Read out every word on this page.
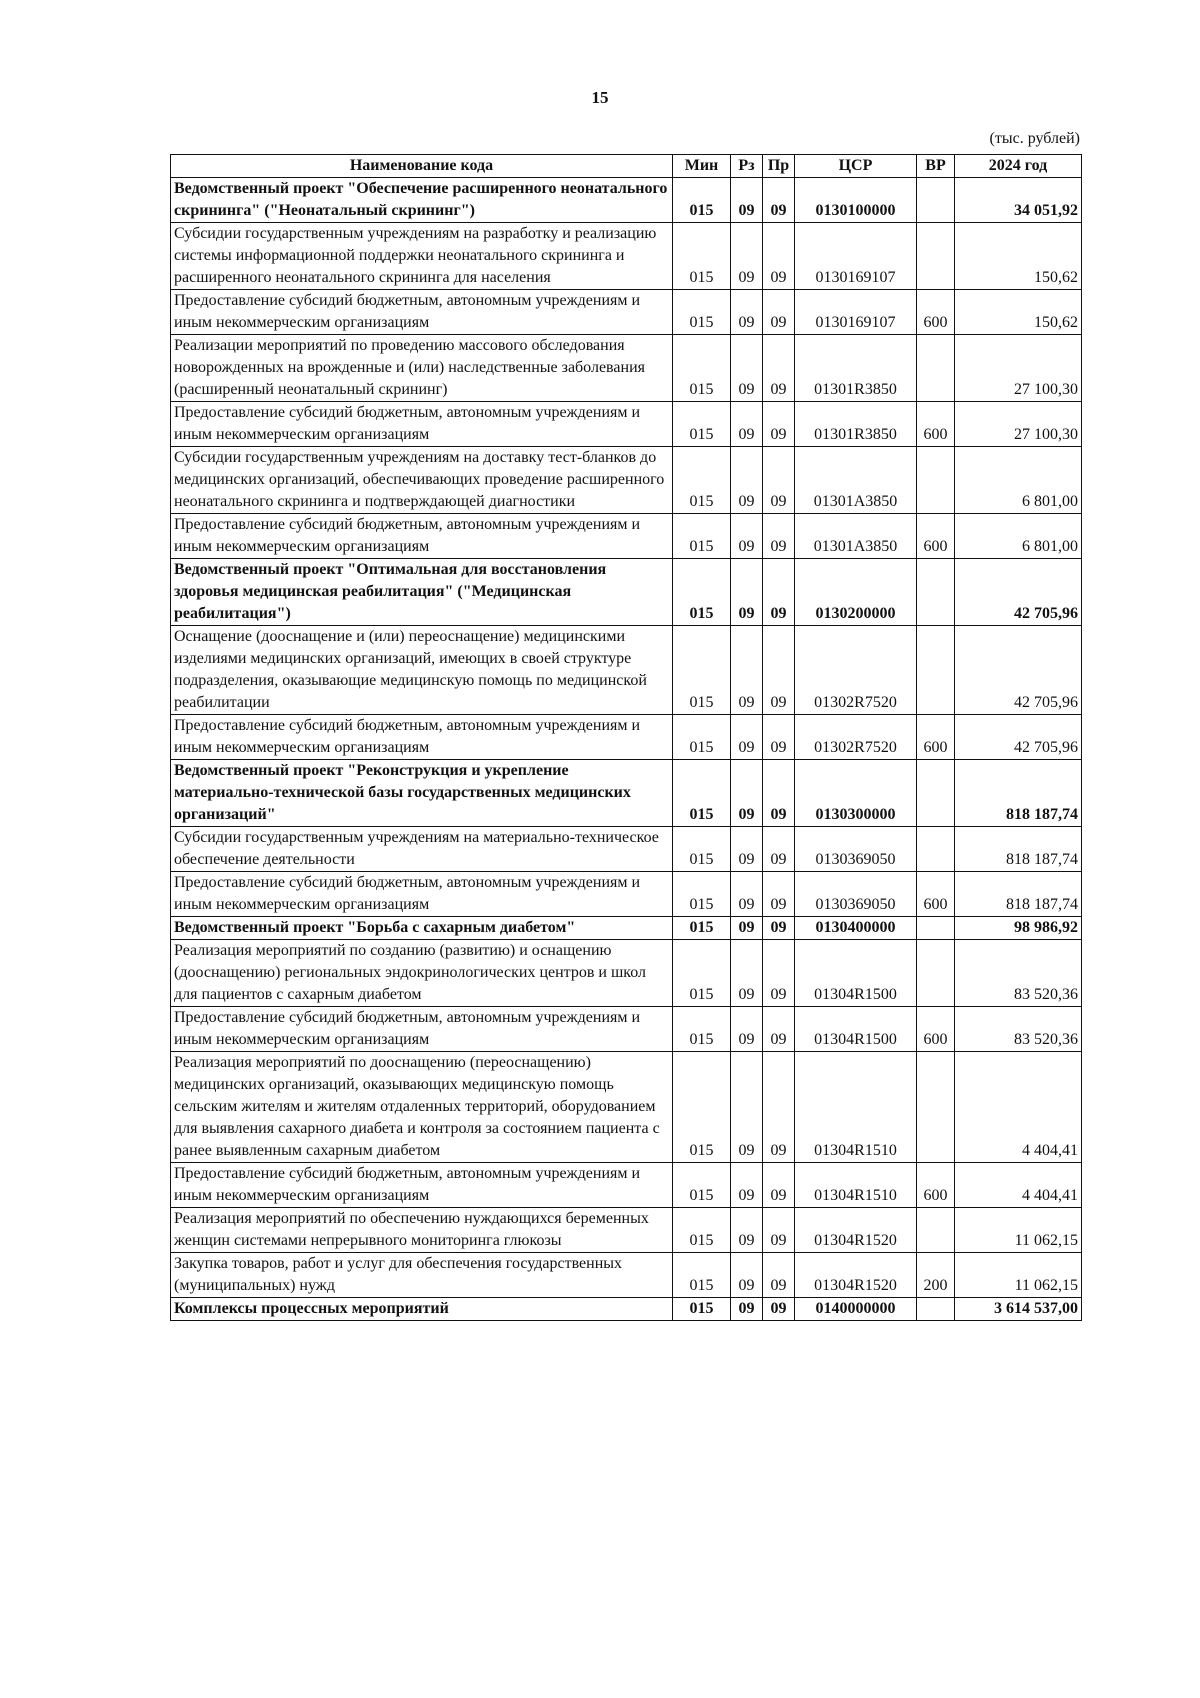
15
(тыс. рублей)
Наименование кода	Мин	Рз	Пр	ЦСР	ВР	2024 год
Ведомственный проект "Обеспечение расширенного неонатального скрининга" ("Неонатальный скрининг")	015	09	09	0130100000		34 051,92
Субсидии государственным учреждениям на разработку и реализацию системы информационной поддержки неонатального скрининга и расширенного неонатального скрининга для населения	015	09	09	0130169107		150,62
Предоставление субсидий бюджетным, автономным учреждениям и иным некоммерческим организациям	015	09	09	0130169107	600	150,62
Реализации мероприятий по проведению массового обследования новорожденных на врожденные и (или) наследственные заболевания (расширенный неонатальный скрининг)	015	09	09	01301R3850		27 100,30
Предоставление субсидий бюджетным, автономным учреждениям и иным некоммерческим организациям	015	09	09	01301R3850	600	27 100,30
Субсидии государственным учреждениям на доставку тест-бланков до медицинских организаций, обеспечивающих проведение расширенного неонатального скрининга и подтверждающей диагностики	015	09	09	01301A3850		6 801,00
Предоставление субсидий бюджетным, автономным учреждениям и иным некоммерческим организациям	015	09	09	01301A3850	600	6 801,00
Ведомственный проект "Оптимальная для восстановления здоровья медицинская реабилитация" ("Медицинская реабилитация")	015	09	09	0130200000		42 705,96
Оснащение (дооснащение и (или) переоснащение) медицинскими изделиями медицинских организаций, имеющих в своей структуре подразделения, оказывающие медицинскую помощь по медицинской реабилитации	015	09	09	01302R7520		42 705,96
Предоставление субсидий бюджетным, автономным учреждениям и иным некоммерческим организациям	015	09	09	01302R7520	600	42 705,96
Ведомственный проект "Реконструкция и укрепление материально-технической базы государственных медицинских организаций"	015	09	09	0130300000		818 187,74
Субсидии государственным учреждениям на материально-техническое обеспечение деятельности	015	09	09	0130369050		818 187,74
Предоставление субсидий бюджетным, автономным учреждениям и иным некоммерческим организациям	015	09	09	0130369050	600	818 187,74
Ведомственный проект "Борьба с сахарным диабетом"	015	09	09	0130400000		98 986,92
Реализация мероприятий по созданию (развитию) и оснащению (дооснащению) региональных эндокринологических центров и школ для пациентов с сахарным диабетом	015	09	09	01304R1500		83 520,36
Предоставление субсидий бюджетным, автономным учреждениям и иным некоммерческим организациям	015	09	09	01304R1500	600	83 520,36
Реализация мероприятий по дооснащению (переоснащению) медицинских организаций, оказывающих медицинскую помощь сельским жителям и жителям отдаленных территорий, оборудованием для выявления сахарного диабета и контроля за состоянием пациента с ранее выявленным сахарным диабетом	015	09	09	01304R1510		4 404,41
Предоставление субсидий бюджетным, автономным учреждениям и иным некоммерческим организациям	015	09	09	01304R1510	600	4 404,41
Реализация мероприятий по обеспечению нуждающихся беременных женщин системами непрерывного мониторинга глюкозы	015	09	09	01304R1520		11 062,15
Закупка товаров, работ и услуг для обеспечения государственных (муниципальных) нужд	015	09	09	01304R1520	200	11 062,15
Комплексы процессных мероприятий	015	09	09	0140000000		3 614 537,00
